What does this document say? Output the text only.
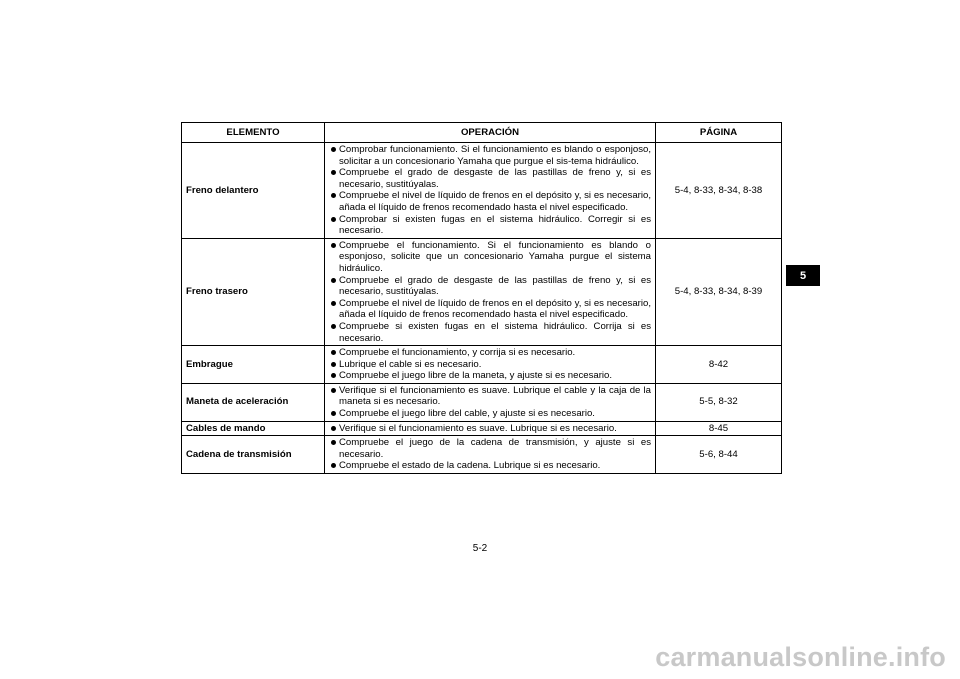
ELEMENTO	OPERACIÓN	PÁGINA
Freno delantero	Comprobar funcionamiento. Si el funcionamiento es blando o esponjoso, solicitar a un concesionario Yamaha que purgue el sis-tema hidráulico.
Compruebe el grado de desgaste de las pastillas de freno y, si es necesario, sustitúyalas.
Compruebe el nivel de líquido de frenos en el depósito y, si es necesario, añada el líquido de frenos recomendado hasta el nivel especificado.
Comprobar si existen fugas en el sistema hidráulico. Corregir si es necesario.	5-4, 8-33, 8-34, 8-38
Freno trasero	Compruebe el funcionamiento. Si el funcionamiento es blando o esponjoso, solicite que un concesionario Yamaha purgue el sistema hidráulico.
Compruebe el grado de desgaste de las pastillas de freno y, si es necesario, sustitúyalas.
Compruebe el nivel de líquido de frenos en el depósito y, si es necesario, añada el líquido de frenos recomendado hasta el nivel especificado.
Compruebe si existen fugas en el sistema hidráulico. Corrija si es necesario.	5-4, 8-33, 8-34, 8-39
Embrague	Compruebe el funcionamiento, y corrija si es necesario.
Lubrique el cable si es necesario.
Compruebe el juego libre de la maneta, y ajuste si es necesario.	8-42
Maneta de aceleración	Verifique si el funcionamiento es suave. Lubrique el cable y la caja de la maneta si es necesario.
Compruebe el juego libre del cable, y ajuste si es necesario.	5-5, 8-32
Cables de mando	Verifique si el funcionamiento es suave. Lubrique si es necesario.	8-45
Cadena de transmisión	Compruebe el juego de la cadena de transmisión, y ajuste si es necesario.
Compruebe el estado de la cadena. Lubrique si es necesario.	5-6, 8-44
5
5-2
carmanualsonline.info
